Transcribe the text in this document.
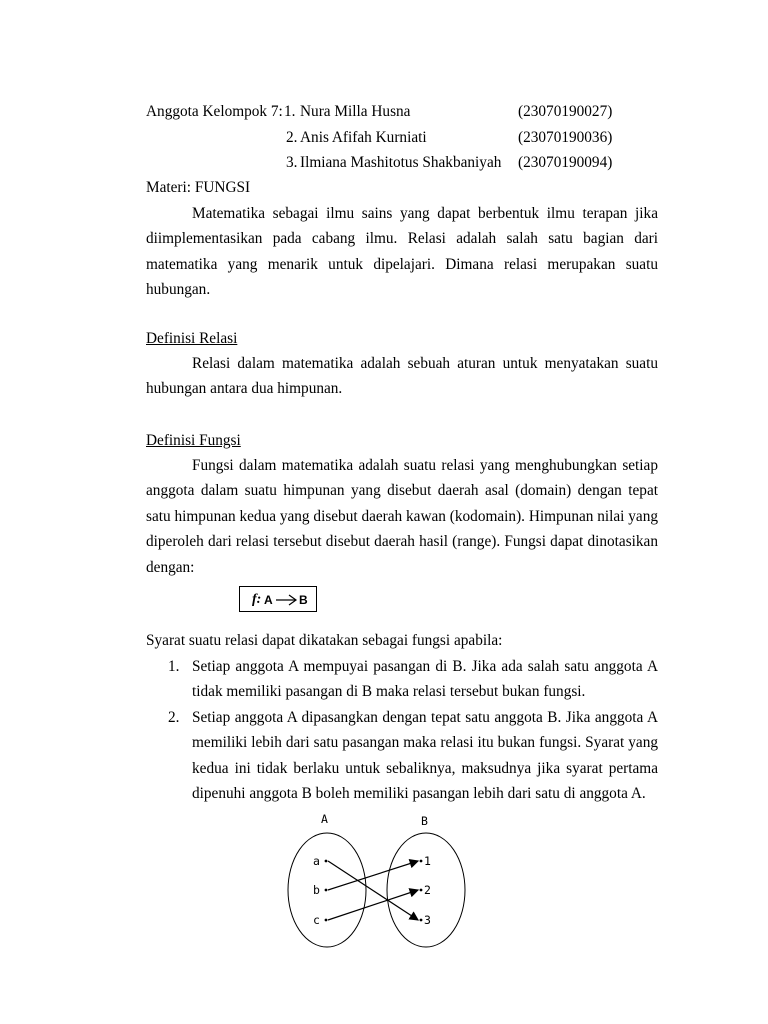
Anggota Kelompok 7: 1. Nura Milla Husna	(23070190027)
2. Anis Afifah Kurniati	(23070190036)
3. Ilmiana Mashitotus Shakbaniyah (23070190094)
Materi: FUNGSI
Matematika sebagai ilmu sains yang dapat berbentuk ilmu terapan jika diimplementasikan pada cabang ilmu. Relasi adalah salah satu bagian dari matematika yang menarik untuk dipelajari. Dimana relasi merupakan suatu hubungan.
Definisi Relasi
Relasi dalam matematika adalah sebuah aturan untuk menyatakan suatu hubungan antara dua himpunan.
Definisi Fungsi
Fungsi dalam matematika adalah suatu relasi yang menghubungkan setiap anggota dalam suatu himpunan yang disebut daerah asal (domain) dengan tepat satu himpunan kedua yang disebut daerah kawan (kodomain). Himpunan nilai yang diperoleh dari relasi tersebut disebut daerah hasil (range). Fungsi dapat dinotasikan dengan:
f: A B
Syarat suatu relasi dapat dikatakan sebagai fungsi apabila:
1. Setiap anggota A mempuyai pasangan di B. Jika ada salah satu anggota A tidak memiliki pasangan di B maka relasi tersebut bukan fungsi.
2. Setiap anggota A dipasangkan dengan tepat satu anggota B. Jika anggota A memiliki lebih dari satu pasangan maka relasi itu bukan fungsi. Syarat yang kedua ini tidak berlaku untuk sebaliknya, maksudnya jika syarat pertama dipenuhi anggota B boleh memiliki pasangan lebih dari satu di anggota A.
A	B
a
b
c
1
2
3
